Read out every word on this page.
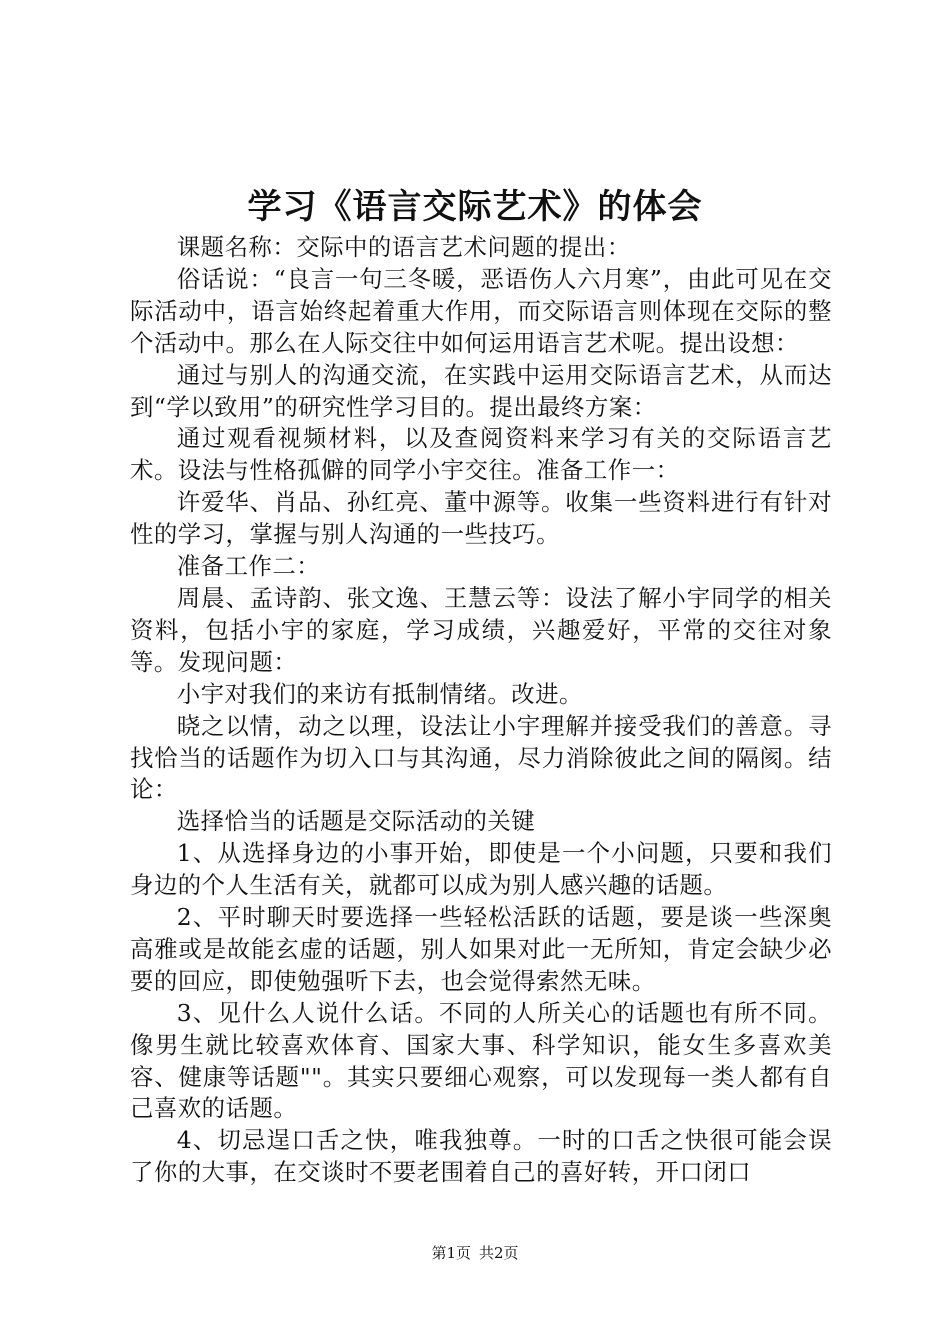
学习《语言交际艺术》的体会

课题名称：交际中的语言艺术问题的提出：

俗话说：“良言一句三冬暖，恶语伤人六月寒”，由此可见在交际活动中，语言始终起着重大作用，而交际语言则体现在交际的整个活动中。那么在人际交往中如何运用语言艺术呢。提出设想：

通过与别人的沟通交流，在实践中运用交际语言艺术，从而达到“学以致用”的研究性学习目的。提出最终方案：

通过观看视频材料，以及查阅资料来学习有关的交际语言艺术。设法与性格孤僻的同学小宇交往。准备工作一：

许爱华、肖品、孙红亮、董中源等。收集一些资料进行有针对性的学习，掌握与别人沟通的一些技巧。

准备工作二：

周晨、孟诗韵、张文逸、王慧云等：设法了解小宇同学的相关资料，包括小宇的家庭，学习成绩，兴趣爱好，平常的交往对象等。发现问题：

小宇对我们的来访有抵制情绪。改进。

晓之以情，动之以理，设法让小宇理解并接受我们的善意。寻找恰当的话题作为切入口与其沟通，尽力消除彼此之间的隔阂。结论：

选择恰当的话题是交际活动的关键

1、从选择身边的小事开始，即使是一个小问题，只要和我们身边的个人生活有关，就都可以成为别人感兴趣的话题。

2、平时聊天时要选择一些轻松活跃的话题，要是谈一些深奥高雅或是故能玄虚的话题，别人如果对此一无所知，肯定会缺少必要的回应，即使勉强听下去，也会觉得索然无味。

3、见什么人说什么话。不同的人所关心的话题也有所不同。像男生就比较喜欢体育、国家大事、科学知识，能女生多喜欢美容、健康等话题""。其实只要细心观察，可以发现每一类人都有自己喜欢的话题。

4、切忌逞口舌之快，唯我独尊。一时的口舌之快很可能会误了你的大事，在交谈时不要老围着自己的喜好转，开口闭口

第1页 共2页
